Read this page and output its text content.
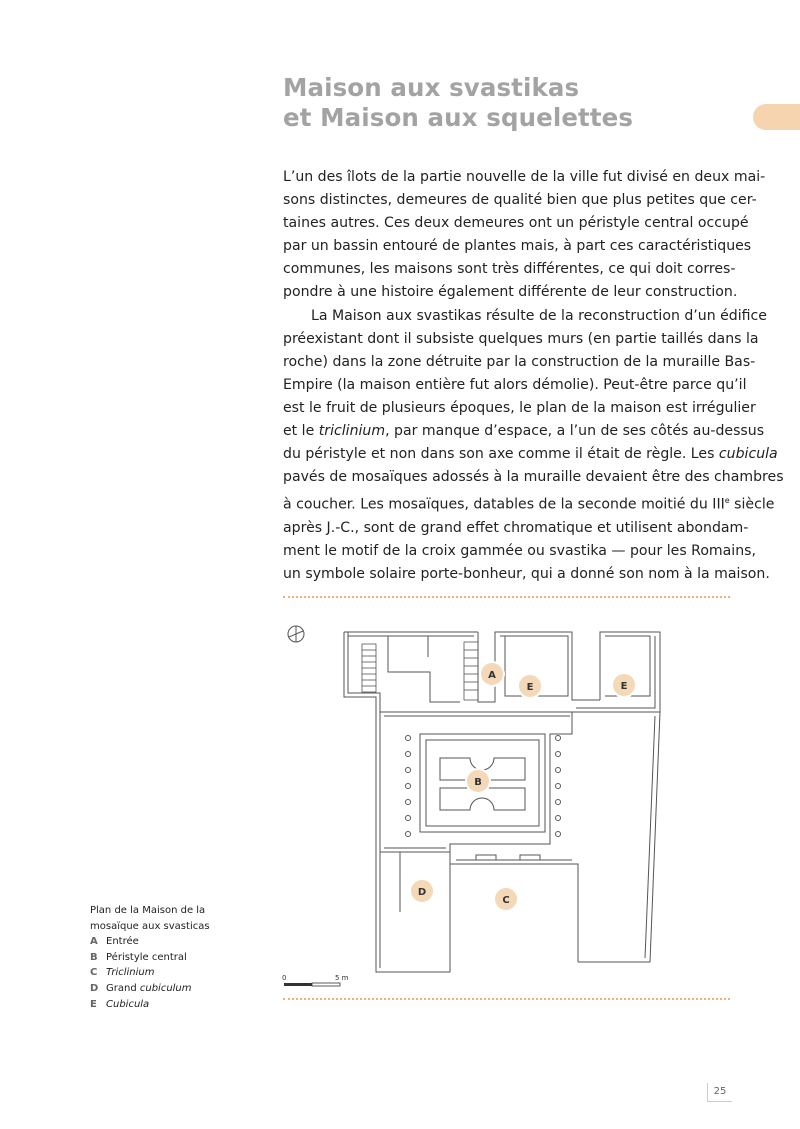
Maison aux svastikas
et Maison aux squelettes
L’un des îlots de la partie nouvelle de la ville fut divisé en deux mai-
sons distinctes, demeures de qualité bien que plus petites que cer-
taines autres. Ces deux demeures ont un péristyle central occupé
par un bassin entouré de plantes mais, à part ces caractéristiques
communes, les maisons sont très différentes, ce qui doit corres-
pondre à une histoire également différente de leur construction.
La Maison aux svastikas résulte de la reconstruction d’un édifice
préexistant dont il subsiste quelques murs (en partie taillés dans la
roche) dans la zone détruite par la construction de la muraille Bas-
Empire (la maison entière fut alors démolie). Peut-être parce qu’il
est le fruit de plusieurs époques, le plan de la maison est irrégulier
et le triclinium, par manque d’espace, a l’un de ses côtés au-dessus
du péristyle et non dans son axe comme il était de règle. Les cubicula
pavés de mosaïques adossés à la muraille devaient être des chambres
à coucher. Les mosaïques, datables de la seconde moitié du IIIe siècle
après J.-C., sont de grand effet chromatique et utilisent abondam-
ment le motif de la croix gammée ou svastika — pour les Romains,
un symbole solaire porte-bonheur, qui a donné son nom à la maison.
A
E	E
B
D
C
0	5 m
Plan de la Maison de la mosaïque aux svasticas
A Entrée
B Péristyle central
C Triclinium
D Grand cubiculum
E Cubicula
25
